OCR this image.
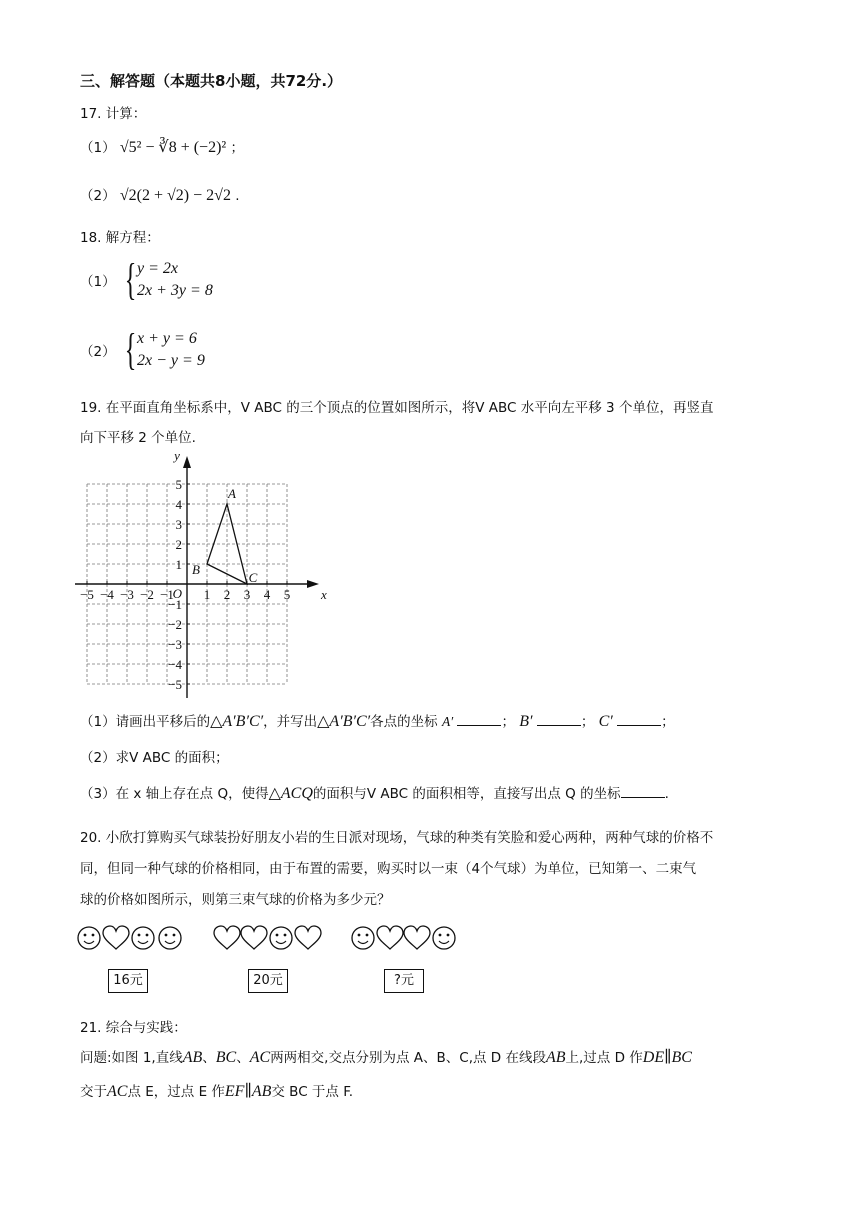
三、解答题（本题共8小题，共72分.）
17. 计算：
（1） √5² − ∛8 + (−2)² ；
（2） √2(2 + √2) − 2√2 .
18. 解方程：
（1） { y = 2x
2x + 3y = 8
（2） { x + y = 6
2x − y = 9
19. 在平面直角坐标系中，V ABC 的三个顶点的位置如图所示，将V ABC 水平向左平移 3 个单位，再竖直
向下平移 2 个单位.
−5 −4 −3 −2 −1 1 2 3 4 5
5
4
3
2
1
−1
−2
−3
−4
−5
O	x
y
A
B
C
（1）请画出平移后的△A′B′C′，并写出△A′B′C′各点的坐标 A′	； B′	； C′	；
（2）求V ABC 的面积；
（3）在 x 轴上存在点 Q，使得△ACQ的面积与V ABC 的面积相等，直接写出点 Q 的坐标	.
20. 小欣打算购买气球装扮好朋友小岩的生日派对现场，气球的种类有笑脸和爱心两种，两种气球的价格不
同，但同一种气球的价格相同，由于布置的需要，购买时以一束（4个气球）为单位，已知第一、二束气
球的价格如图所示，则第三束气球的价格为多少元？
16元	20元	?元
21. 综合与实践：
问题:如图 1,直线AB、BC、AC两两相交,交点分别为点 A、B、C,点 D 在线段AB上,过点 D 作DE∥BC
交于AC点 E，过点 E 作EF∥AB交 BC 于点 F.
